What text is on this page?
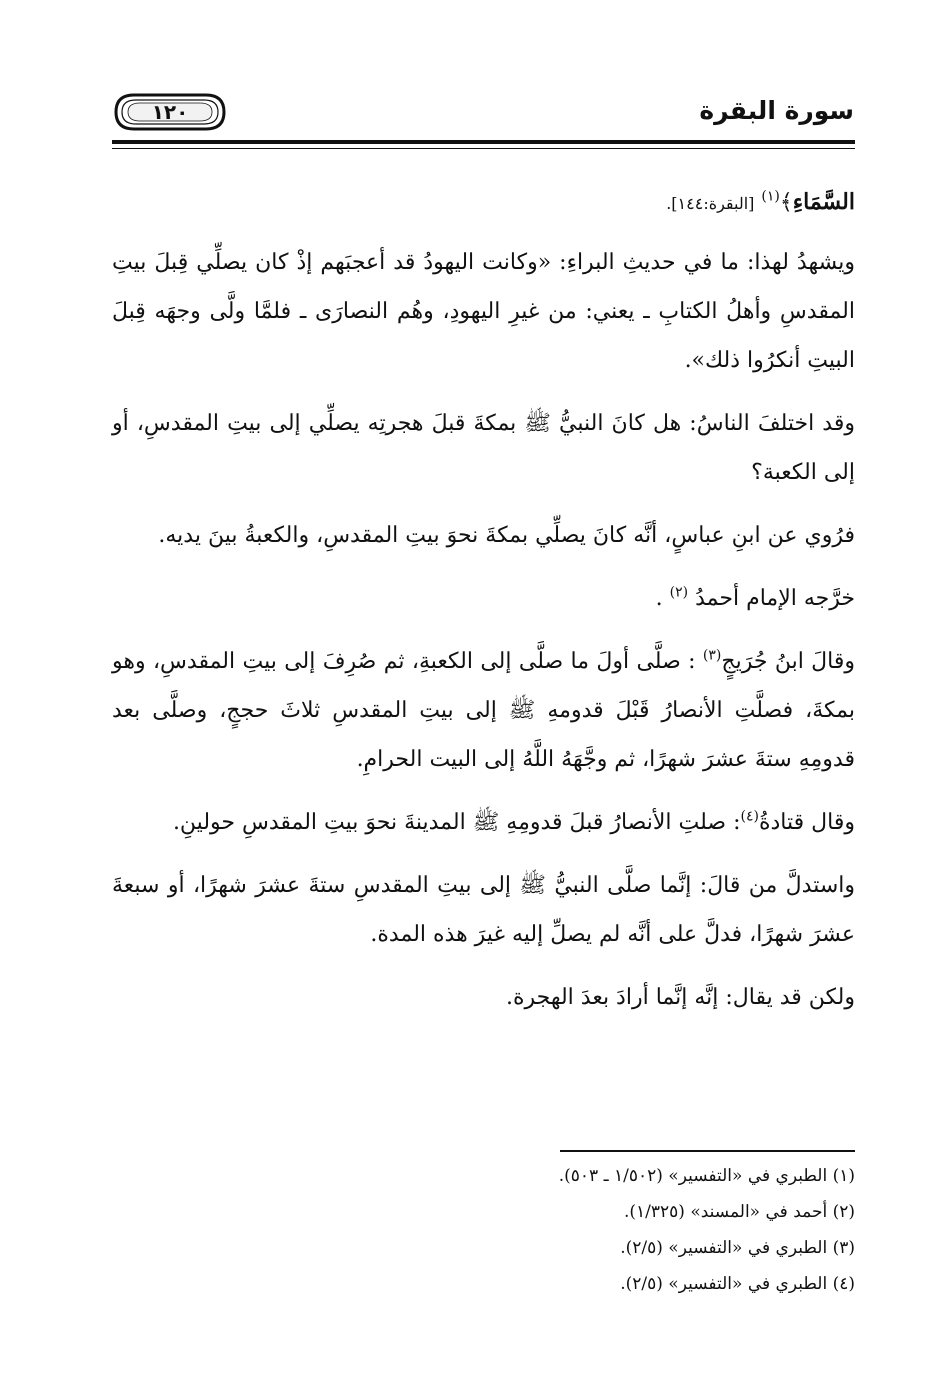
سورة البقرة
١٢٠

السَّمَاءِ﴾$^{(١)}$ [البقرة:١٤٤].

ويشهدُ لهذا: ما في حديثِ البراءِ: «وكانت اليهودُ قد أعجبَهم إذْ كان يصلِّي قِبلَ بيتِ المقدسِ وأهلُ الكتابِ ـ يعني: من غيرِ اليهودِ، وهُم النصارَى ـ فلمَّا ولَّى وجهَه قِبلَ البيتِ أنكرُوا ذلك».

وقد اختلفَ الناسُ: هل كانَ النبيُّ ﷺ بمكةَ قبلَ هجرتِه يصلِّي إلى بيتِ المقدسِ، أو إلى الكعبة؟

فرُوي عن ابنِ عباسٍ، أنَّه كانَ يصلِّي بمكةَ نحوَ بيتِ المقدسِ، والكعبةُ بينَ يديه.

خرَّجه الإمام أحمدُ $^{(٢)}$ .

وقالَ ابنُ جُرَيجٍ$^{(٣)}$ : صلَّى أولَ ما صلَّى إلى الكعبةِ، ثم صُرِفَ إلى بيتِ المقدسِ، وهو بمكةَ، فصلَّتِ الأنصارُ قَبْلَ قدومهِ ﷺ إلى بيتِ المقدسِ ثلاثَ حججٍ، وصلَّى بعد قدومِهِ ستةَ عشرَ شهرًا، ثم وجَّهَهُ اللَّهُ إلى البيت الحرامِ.

وقال قتادةُ$^{(٤)}$: صلتِ الأنصارُ قبلَ قدومِهِ ﷺ المدينةَ نحوَ بيتِ المقدسِ حولينِ.

واستدلَّ من قالَ: إنَّما صلَّى النبيُّ ﷺ إلى بيتِ المقدسِ ستةَ عشرَ شهرًا، أو سبعةَ عشرَ شهرًا، فدلَّ على أنَّه لم يصلِّ إليه غيرَ هذه المدة.

ولكن قد يقال: إنَّه إنَّما أرادَ بعدَ الهجرة.

(١) الطبري في «التفسير» (١/٥٠٢ ـ ٥٠٣).
(٢) أحمد في «المسند» (١/٣٢٥).
(٣) الطبري في «التفسير» (٢/٥).
(٤) الطبري في «التفسير» (٢/٥).
